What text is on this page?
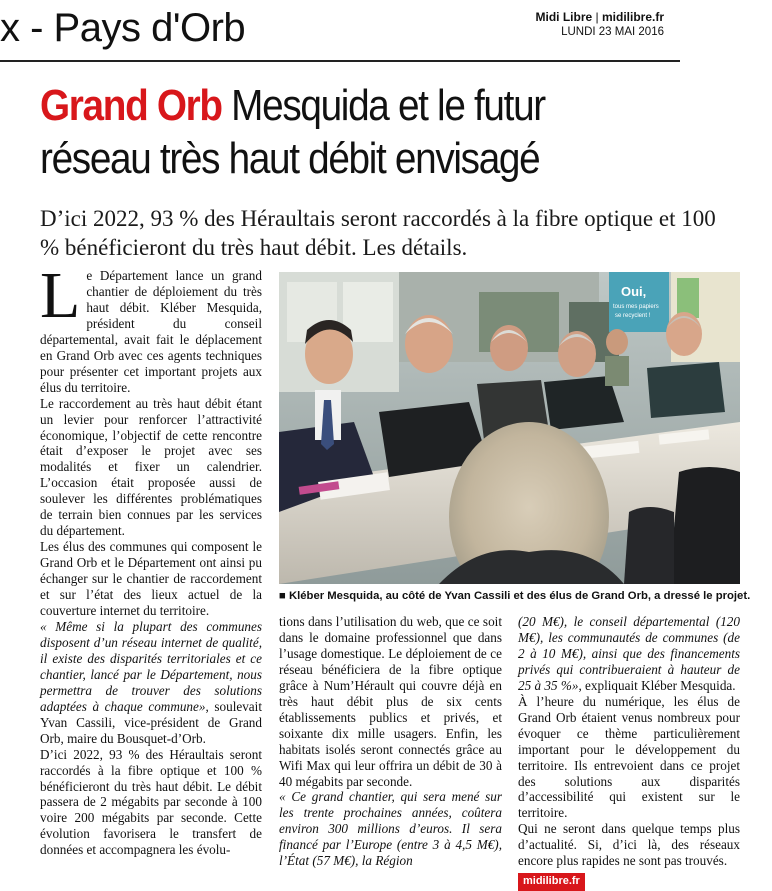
x - Pays d'Orb	Midi Libre | midilibre.fr
LUNDI 23 MAI 2016
Grand Orb Mesquida et le futur réseau très haut débit envisagé
D’ici 2022, 93 % des Héraultais seront raccordés à la fibre optique et 100 % bénéficieront du très haut débit. Les détails.
L e Département lance un grand chantier de déploiement du très haut débit. Kléber Mesquida, président du conseil départemental, avait fait le déplacement en Grand Orb avec ces agents techniques pour présenter cet important projets aux élus du territoire.

Le raccordement au très haut débit étant un levier pour renforcer l’attractivité économique, l’objectif de cette rencontre était d’exposer le projet avec ses modalités et fixer un calendrier. L’occasion était proposée aussi de soulever les différentes problématiques de terrain bien connues par les services du département.

Les élus des communes qui composent le Grand Orb et le Département ont ainsi pu échanger sur le chantier de raccordement et sur l’état des lieux actuel de la couverture internet du territoire.

« Même si la plupart des communes disposent d’un réseau internet de qualité, il existe des disparités territoriales et ce chantier, lancé par le Département, nous permettra de trouver des solutions adaptées à chaque commune», soulevait Yvan Cassili, vice-président de Grand Orb, maire du Bousquet-d’Orb.

D’ici 2022, 93 % des Héraultais seront raccordés à la fibre optique et 100 % bénéficieront du très haut débit. Le débit passera de 2 mégabits par seconde à 100 voire 200 mégabits par seconde. Cette évolution favorisera le transfert de données et accompagnera les évolu-

Oui,
tous mes papiers
se recyclent !
■ Kléber Mesquida, au côté de Yvan Cassili et des élus de Grand Orb, a dressé le projet.

tions dans l’utilisation du web, que ce soit dans le domaine professionnel que dans l’usage domestique. Le déploiement de ce réseau bénéficiera de la fibre optique grâce à Num’Hérault qui couvre déjà en très haut débit plus de six cents établissements publics et privés, et soixante dix mille usagers. Enfin, les habitats isolés seront connectés grâce au Wifi Max qui leur offrira un débit de 30 à 40 mégabits par seconde.

« Ce grand chantier, qui sera mené sur les trente prochaines années, coûtera environ 300 millions d’euros. Il sera financé par l’Europe (entre 3 à 4,5 M€), l’État (57 M€), la Région

(20 M€), le conseil départemental (120 M€), les communautés de communes (de 2 à 10 M€), ainsi que des financements privés qui contribueraient à hauteur de 25 à 35 %», expliquait Kléber Mesquida.

À l’heure du numérique, les élus de Grand Orb étaient venus nombreux pour évoquer ce thème particulièrement important pour le développement du territoire. Ils entrevoient dans ce projet des solutions aux disparités d’accessibilité qui existent sur le territoire.

Qui ne seront dans quelque temps plus d’actualité. Si, d’ici là, des réseaux encore plus rapides ne sont pas trouvés.

midilibre.fr
